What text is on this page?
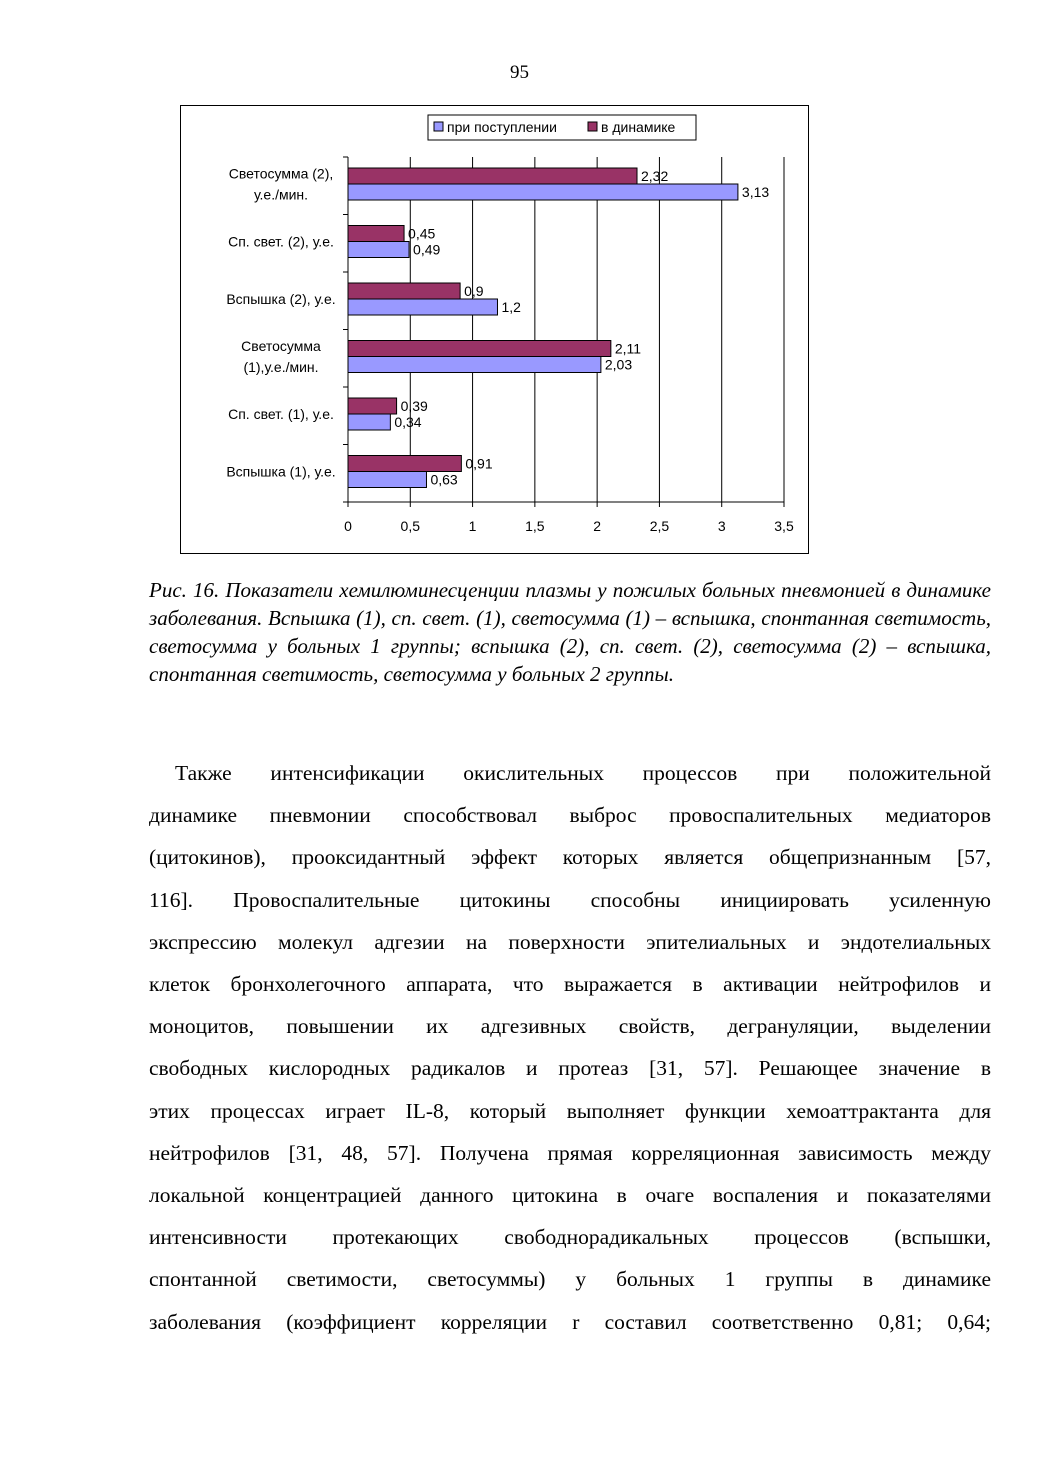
95
0	0,5	1	1,5	2	2,5	3	3,5
2,32
3,13
Светосумма (2),
у.е./мин.
0,45
0,49
Сп. свет. (2), у.е.
0,9
1,2
Вспышка (2), у.е.
2,11
2,03
Светосумма
(1),у.е./мин.
0,39
0,34
Сп. свет. (1), у.е.
0,91
0,63
Вспышка (1), у.е.
при поступлении	в динамике

Рис. 16. Показатели хемилюминесценции плазмы у пожилых больных пневмонией в динамике заболевания. Вспышка (1), сп. свет. (1), светосумма (1) – вспышка, спонтанная светимость, светосумма у больных 1 группы; вспышка (2), сп. свет. (2), светосумма (2) – вспышка, спонтанная светимость, светосумма у больных 2 группы.

Также интенсификации окислительных процессов при положительной

динамике пневмонии способствовал выброс провоспалительных медиаторов

(цитокинов), прооксидантный эффект которых является общепризнанным [57,

116]. Провоспалительные цитокины способны инициировать усиленную

экспрессию молекул адгезии на поверхности эпителиальных и эндотелиальных

клеток бронхолегочного аппарата, что выражается в активации нейтрофилов и

моноцитов, повышении их адгезивных свойств, дегрануляции, выделении

свободных кислородных радикалов и протеаз [31, 57]. Решающее значение в

этих процессах играет IL-8, который выполняет функции хемоаттрактанта для

нейтрофилов [31, 48, 57]. Получена прямая корреляционная зависимость между

локальной концентрацией данного цитокина в очаге воспаления и показателями

интенсивности протекающих свободнорадикальных процессов (вспышки,

спонтанной светимости, светосуммы) у больных 1 группы в динамике

заболевания (коэффициент корреляции r составил соответственно 0,81; 0,64;
